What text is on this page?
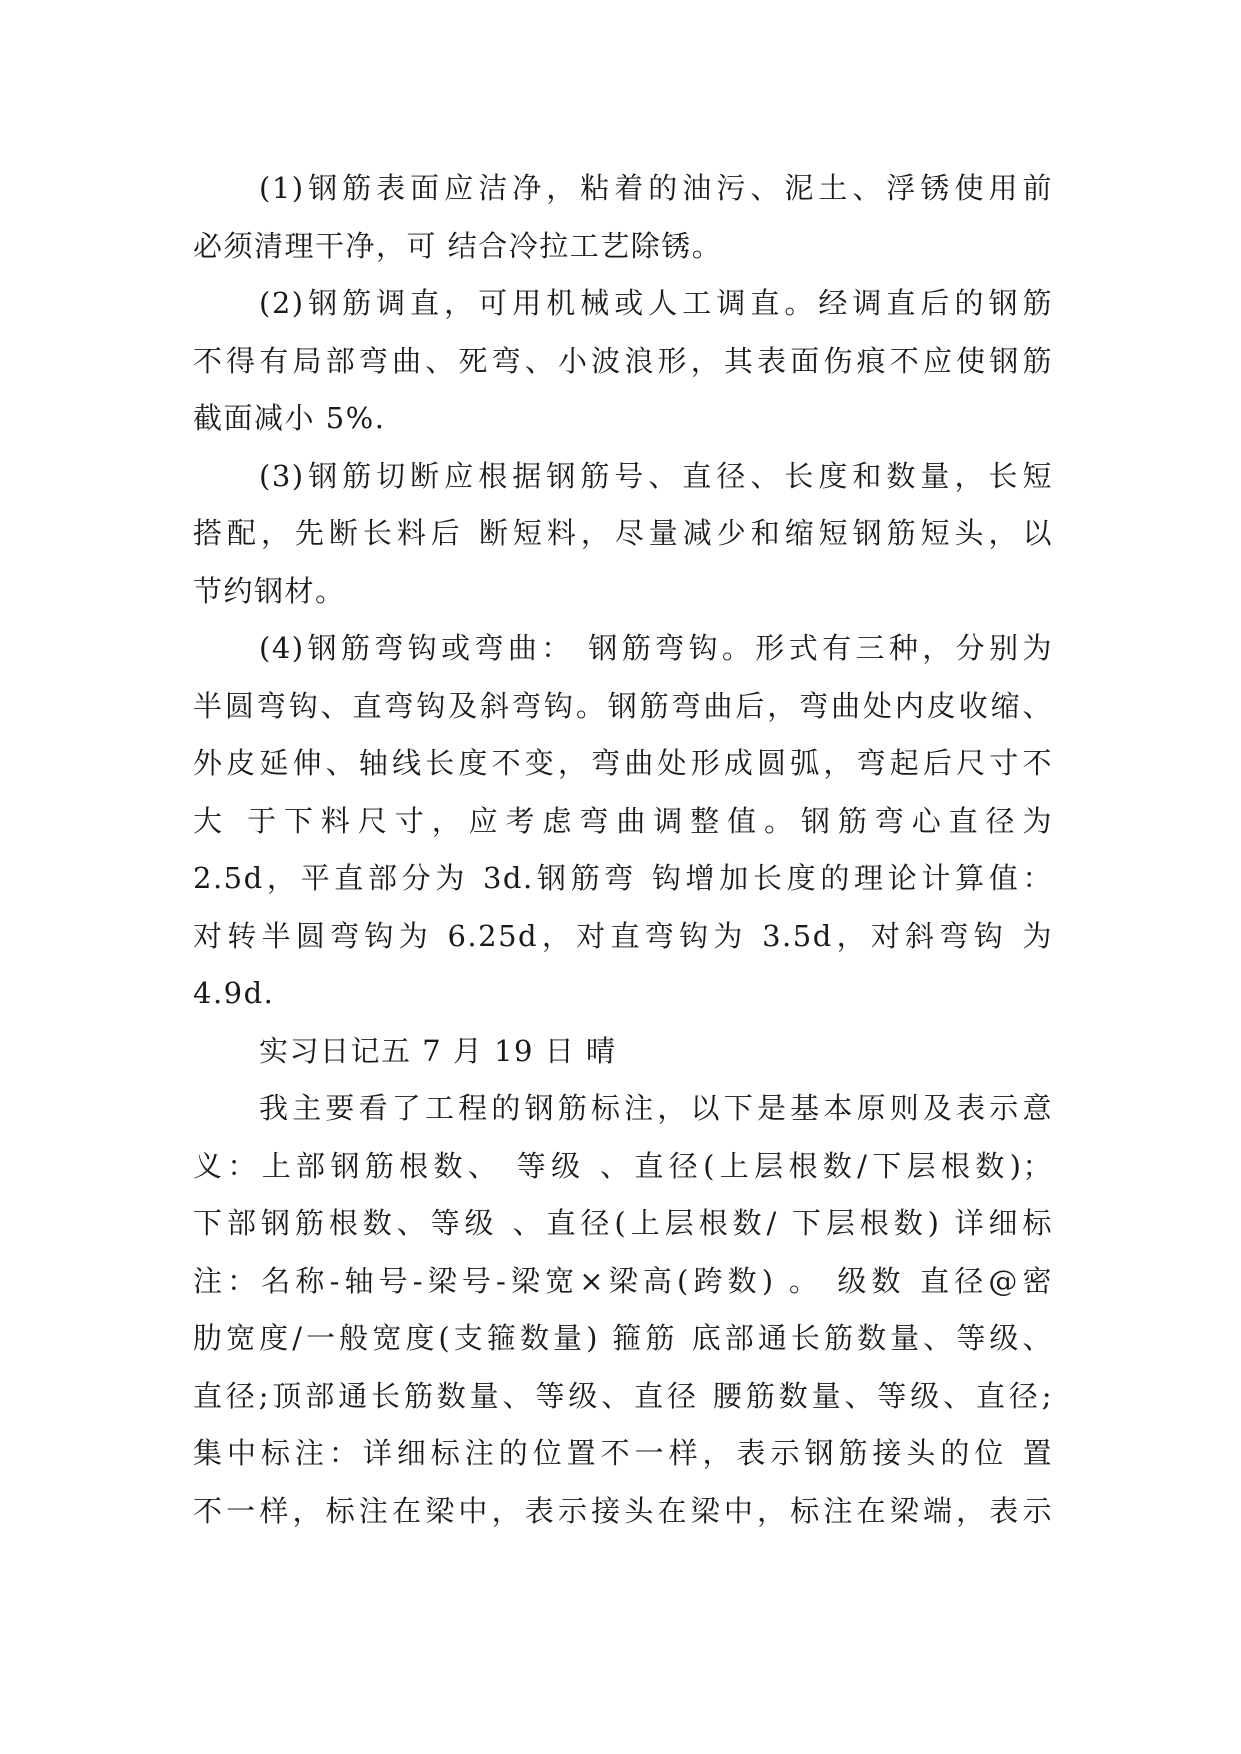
(1)钢筋表面应洁净，粘着的油污、泥土、浮锈使用前
必须清理干净，可 结合冷拉工艺除锈。
(2)钢筋调直，可用机械或人工调直。经调直后的钢筋
不得有局部弯曲、死弯、小波浪形，其表面伤痕不应使钢筋
截面减小 5%.
(3)钢筋切断应根据钢筋号、直径、长度和数量，长短
搭配，先断长料后 断短料，尽量减少和缩短钢筋短头，以
节约钢材。
(4)钢筋弯钩或弯曲： 钢筋弯钩。形式有三种，分别为
半圆弯钩、直弯钩及斜弯钩。钢筋弯曲后，弯曲处内皮收缩、
外皮延伸、轴线长度不变，弯曲处形成圆弧，弯起后尺寸不
大 于下料尺寸，应考虑弯曲调整值。钢筋弯心直径为
2.5d，平直部分为 3d.钢筋弯 钩增加长度的理论计算值：
对转半圆弯钩为 6.25d，对直弯钩为 3.5d，对斜弯钩 为
4.9d.
实习日记五 7 月 19 日 晴
我主要看了工程的钢筋标注，以下是基本原则及表示意
义：上部钢筋根数、 等级 、直径(上层根数/下层根数)；
下部钢筋根数、等级 、直径(上层根数/ 下层根数) 详细标
注：名称-轴号-梁号-梁宽×梁高(跨数) 。 级数 直径@密
肋宽度/一般宽度(支箍数量) 箍筋 底部通长筋数量、等级、
直径;顶部通长筋数量、等级、直径 腰筋数量、等级、直径;
集中标注：详细标注的位置不一样，表示钢筋接头的位 置
不一样，标注在梁中，表示接头在梁中，标注在梁端，表示
